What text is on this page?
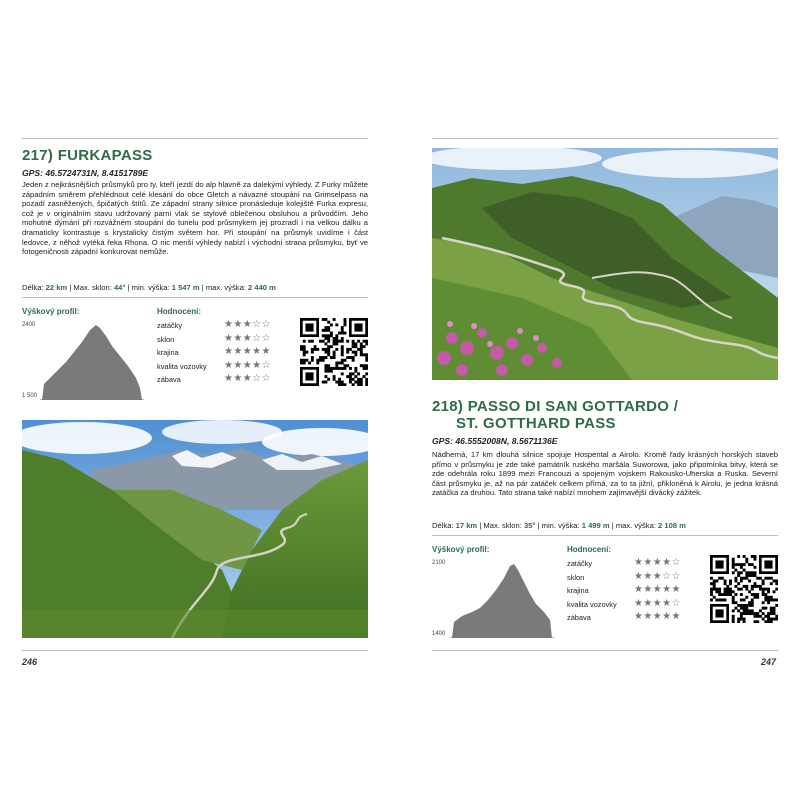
217) FURKAPASS
GPS: 46.5724731N, 8.4151789E
Jeden z nejkrásnějších průsmyků pro ty, kteří jezdí do alp hlavně za dalekými výhledy. Z Furky můžete západním směrem přehlédnout celé klesání do obce Gletch a návazné stoupání na Grimselpass na pozadí zasněžených, špičatých štítů. Ze západní strany silnice pronásleduje kolejiště Furka expresu, což je v originálním stavu udržovaný parní vlak se stylově oblečenou obsluhou a průvodčím. Jeho mohutné dýmání při rozvážném stoupání do tunelu pod průsmykem jej prozradí i na velkou dálku a dramaticky kontrastuje s krystalicky čistým světem hor. Při stoupání na průsmyk uvidíme i část ledovce, z něhož vytéká řeka Rhona. O nic menší výhledy nabízí i východní strana průsmyku, byť ve fotogeničnosti západní konkurovat nemůže.
Délka: 22 km | Max. sklon: 44° | min. výška: 1 547 m | max. výška: 2 440 m
Výškový profil:
2400
1 500
Hodnocení:
zatáčky	★★★☆☆
sklon	★★★☆☆
krajina	★★★★★
kvalita vozovky ★★★★☆
zábava	★★★☆☆
246
218) PASSO DI SAN GOTTARDO /
ST. GOTTHARD PASS
GPS: 46.5552008N, 8.5671136E
Nádherná, 17 km dlouhá silnice spojuje Hospental a Airolo. Kromě řady krásných horských staveb přímo v průsmyku je zde také památník ruského maršála Suworowa, jako připomínka bitvy, která se zde odehrála roku 1899 mezi Francouzi a spojeným vojskem Rakousko-Uherska a Ruska. Severní část průsmyku je, až na pár zatáček celkem přímá, za to ta jižní, přikloněná k Airolu, je jedna krásná zatáčka za druhou. Tato strana také nabízí mnohem zajímavější divácký zážitek.
Délka: 17 km | Max. sklon: 35° | min. výška: 1 499 m | max. výška: 2 108 m
Výškový profil:
2100
1400
Hodnocení:
zatáčky	★★★★☆
sklon	★★★☆☆
krajina	★★★★★
kvalita vozovky ★★★★☆
zábava	★★★★★
247
